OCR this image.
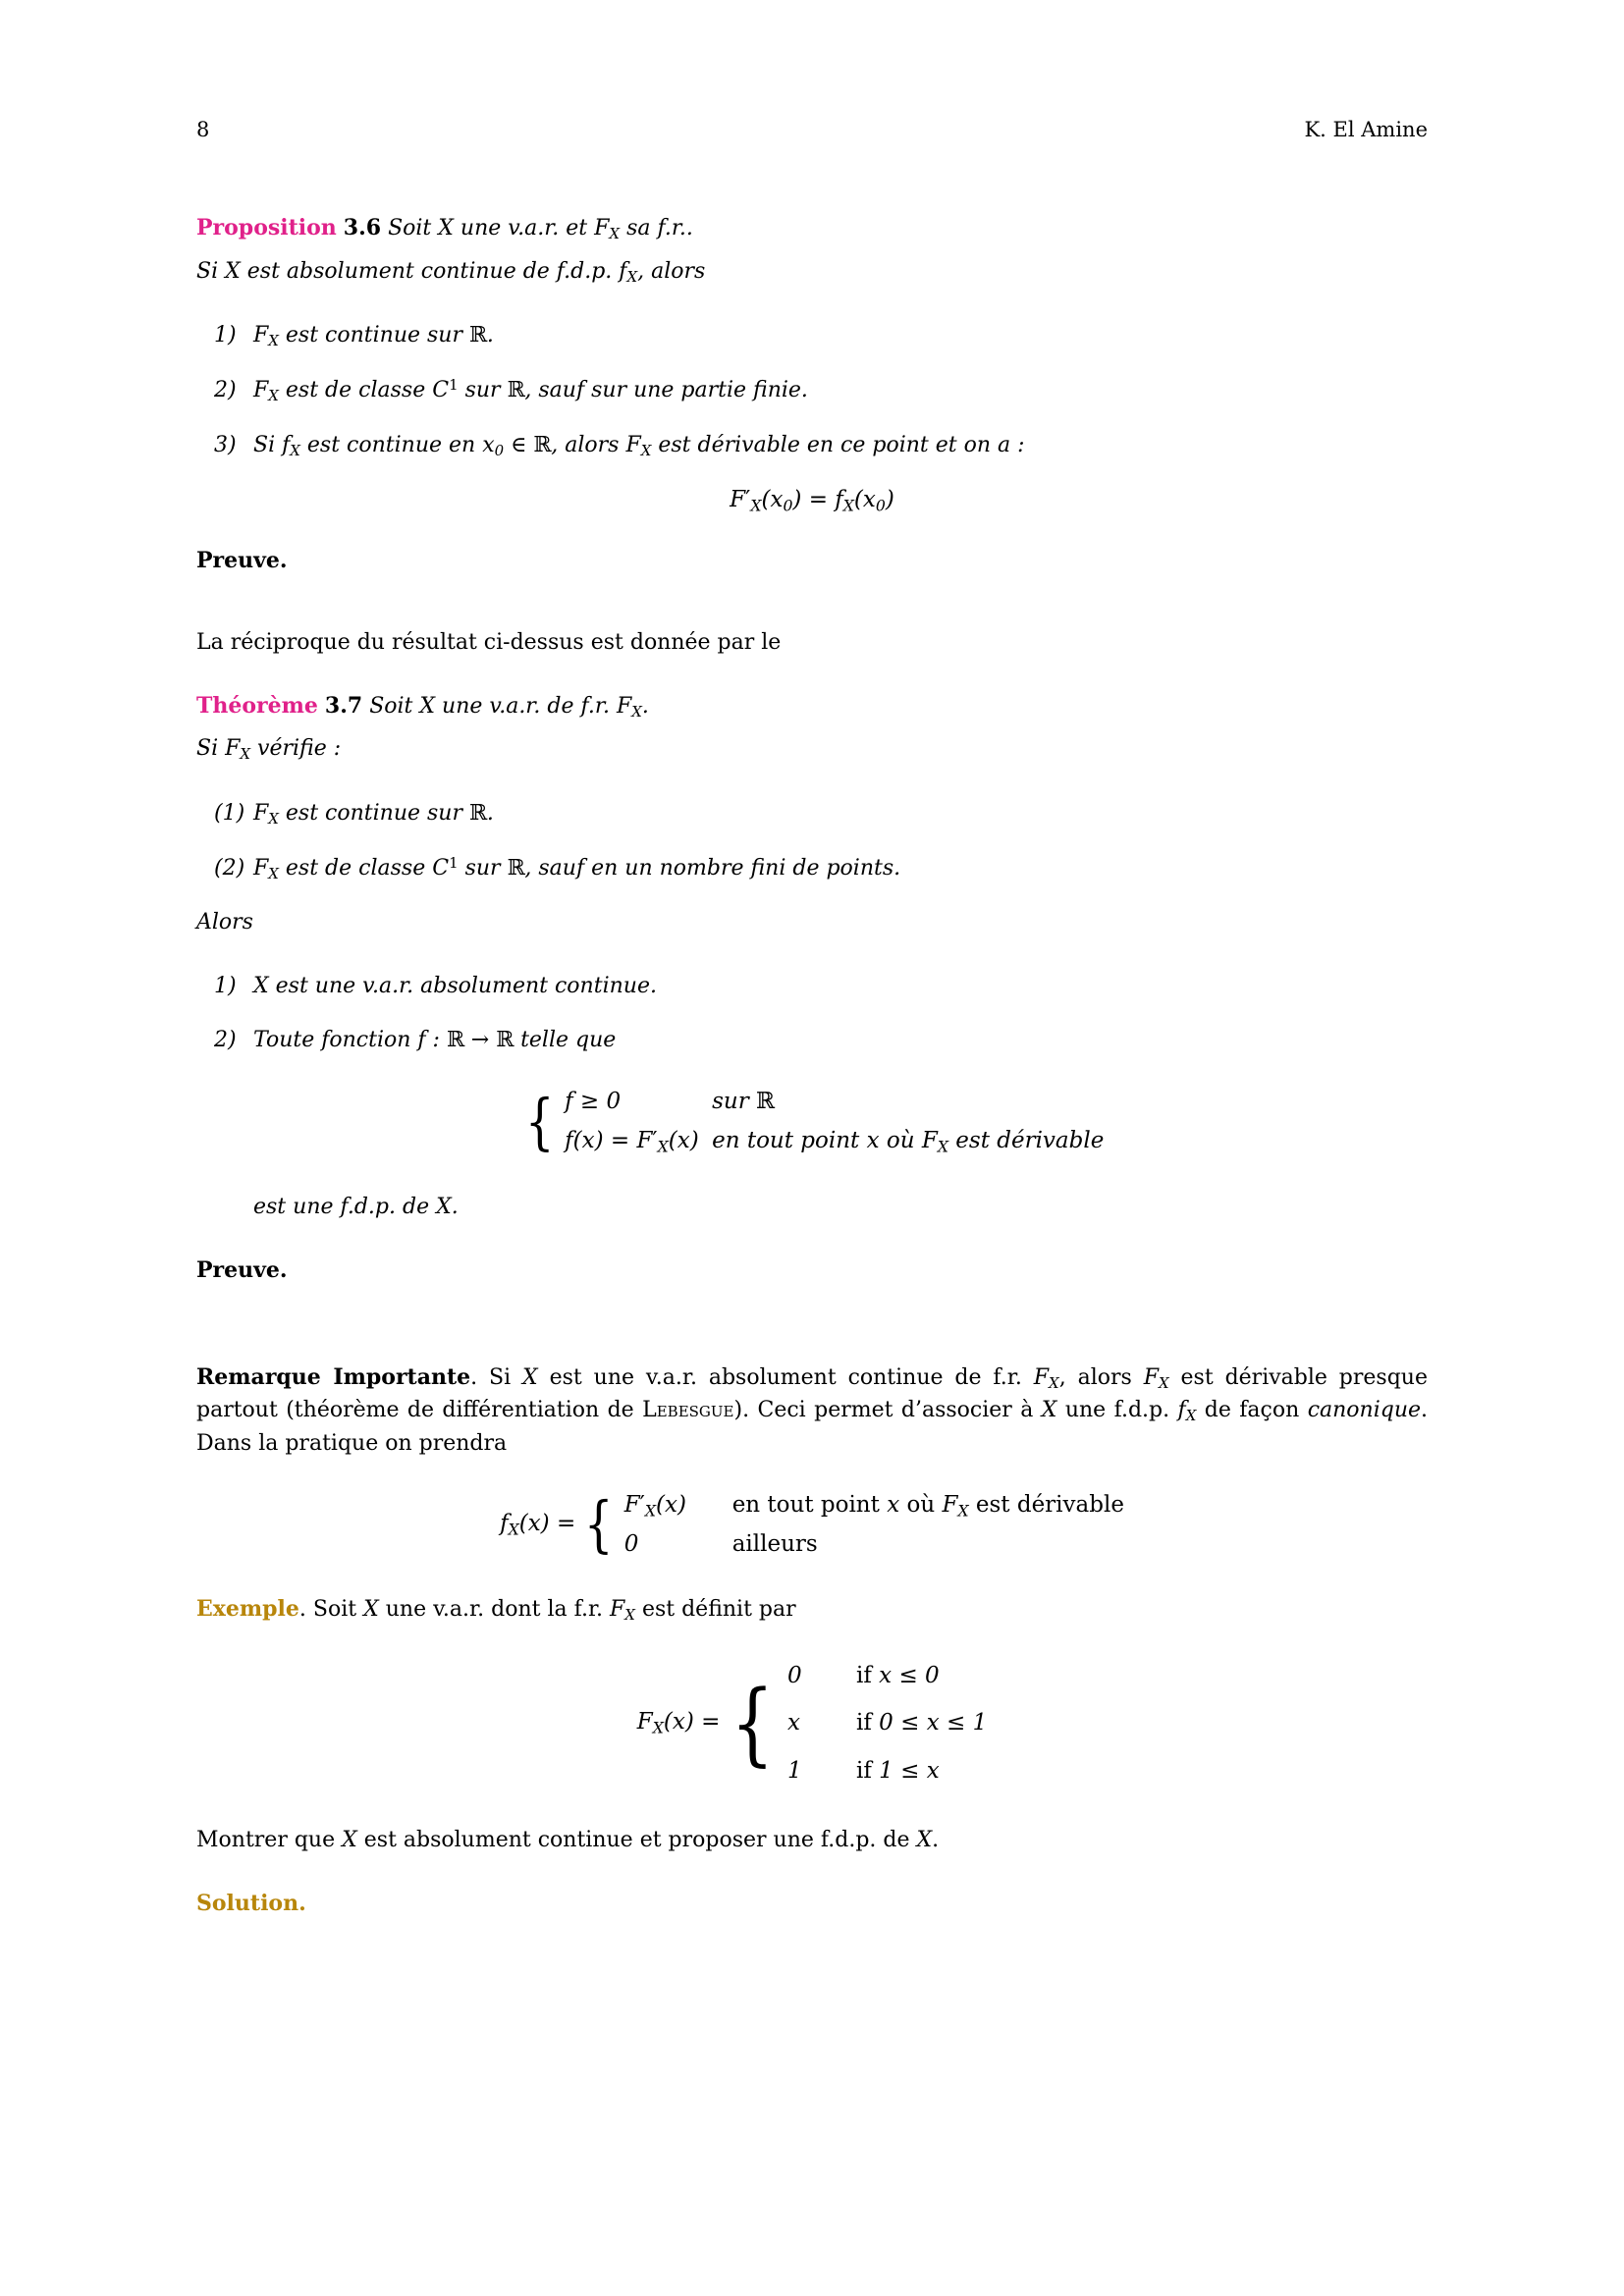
8	K. El Amine

Proposition 3.6 Soit X une v.a.r. et $F_X$ sa f.r..

Si X est absolument continue de f.d.p. $f_X$, alors

1) $F_X$ est continue sur ℝ.
2) $F_X$ est de classe $C^1$ sur ℝ, sauf sur une partie finie.
3) Si $f_X$ est continue en $x_0$ ∈ ℝ, alors $F_X$ est dérivable en ce point et on a :
$F'_X(x_0) = f_X(x_0)$

Preuve.

La réciproque du résultat ci-dessus est donnée par le

Théorème 3.7 Soit X une v.a.r. de f.r. $F_X$.

Si $F_X$ vérifie :

(1) $F_X$ est continue sur ℝ.
(2) $F_X$ est de classe $C^1$ sur ℝ, sauf en un nombre fini de points.

Alors

1) X est une v.a.r. absolument continue.
2) Toute fonction f : ℝ → ℝ telle que
{ f ≥ 0	sur ℝ
$f(x) = F'_X(x)$ en tout point x où $F_X$ est dérivable

est une f.d.p. de X.

Preuve.

Remarque Importante. Si X est une v.a.r. absolument continue de f.r. $F_X$, alors $F_X$ est dérivable presque partout (théorème de différentiation de Lebesgue). Ceci permet d’associer à X une f.d.p. $f_X$ de façon canonique. Dans la pratique on prendra

$f_X(x)$ = { $F'_X(x)$	en tout point x où $F_X$ est dérivable
0	ailleurs

Exemple. Soit X une v.a.r. dont la f.r. $F_X$ est définit par

$F_X(x)$ = { 0	if x ≤ 0
x	if 0 ≤ x ≤ 1
1	if 1 ≤ x

Montrer que X est absolument continue et proposer une f.d.p. de X.

Solution.
